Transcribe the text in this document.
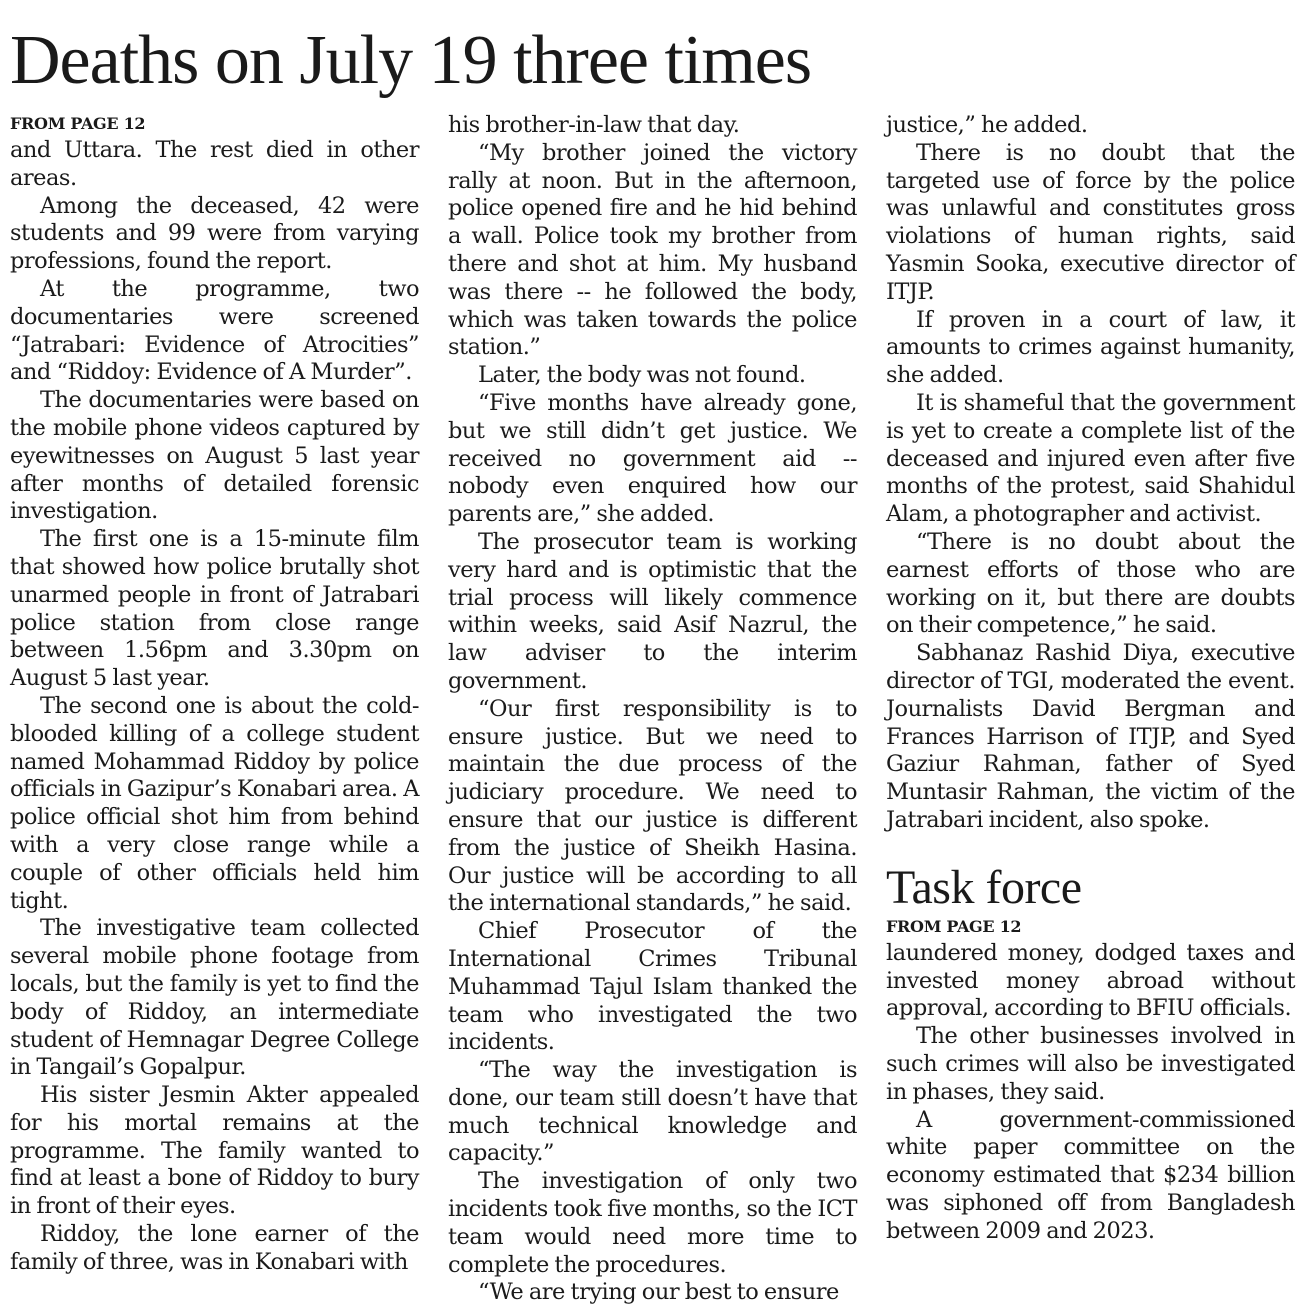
Deaths on July 19 three times
FROM PAGE 12

and Uttara. The rest died in other areas.

Among the deceased, 42 were students and 99 were from varying professions, found the report.

At the programme, two documentaries were screened “Jatrabari: Evidence of Atrocities” and “Riddoy: Evidence of A Murder”.

The documentaries were based on the mobile phone videos captured by eyewitnesses on August 5 last year after months of detailed forensic investigation.

The first one is a 15-minute film that showed how police brutally shot unarmed people in front of Jatrabari police station from close range between 1.56pm and 3.30pm on August 5 last year.

The second one is about the cold-blooded killing of a college student named Mohammad Riddoy by police officials in Gazipur’s Konabari area. A police official shot him from behind with a very close range while a couple of other officials held him tight.

The investigative team collected several mobile phone footage from locals, but the family is yet to find the body of Riddoy, an intermediate student of Hemnagar Degree College in Tangail’s Gopalpur.

His sister Jesmin Akter appealed for his mortal remains at the programme. The family wanted to find at least a bone of Riddoy to bury in front of their eyes.

Riddoy, the lone earner of the family of three, was in Konabari with

his brother-in-law that day.

“My brother joined the victory rally at noon. But in the afternoon, police opened fire and he hid behind a wall. Police took my brother from there and shot at him. My husband was there -- he followed the body, which was taken towards the police station.”

Later, the body was not found.

“Five months have already gone, but we still didn’t get justice. We received no government aid -- nobody even enquired how our parents are,” she added.

The prosecutor team is working very hard and is optimistic that the trial process will likely commence within weeks, said Asif Nazrul, the law adviser to the interim government.

“Our first responsibility is to ensure justice. But we need to maintain the due process of the judiciary procedure. We need to ensure that our justice is different from the justice of Sheikh Hasina. Our justice will be according to all the international standards,” he said.

Chief Prosecutor of the International Crimes Tribunal Muhammad Tajul Islam thanked the team who investigated the two incidents.

“The way the investigation is done, our team still doesn’t have that much technical knowledge and capacity.”

The investigation of only two incidents took five months, so the ICT team would need more time to complete the procedures.

“We are trying our best to ensure

justice,” he added.

There is no doubt that the targeted use of force by the police was unlawful and constitutes gross violations of human rights, said Yasmin Sooka, executive director of ITJP.

If proven in a court of law, it amounts to crimes against humanity, she added.

It is shameful that the government is yet to create a complete list of the deceased and injured even after five months of the protest, said Shahidul Alam, a photographer and activist.

“There is no doubt about the earnest efforts of those who are working on it, but there are doubts on their competence,” he said.

Sabhanaz Rashid Diya, executive director of TGI, moderated the event. Journalists David Bergman and Frances Harrison of ITJP, and Syed Gaziur Rahman, father of Syed Muntasir Rahman, the victim of the Jatrabari incident, also spoke.

Task force
FROM PAGE 12

laundered money, dodged taxes and invested money abroad without approval, according to BFIU officials.

The other businesses involved in such crimes will also be investigated in phases, they said.

A government-commissioned white paper committee on the economy estimated that $234 billion was siphoned off from Bangladesh between 2009 and 2023.
